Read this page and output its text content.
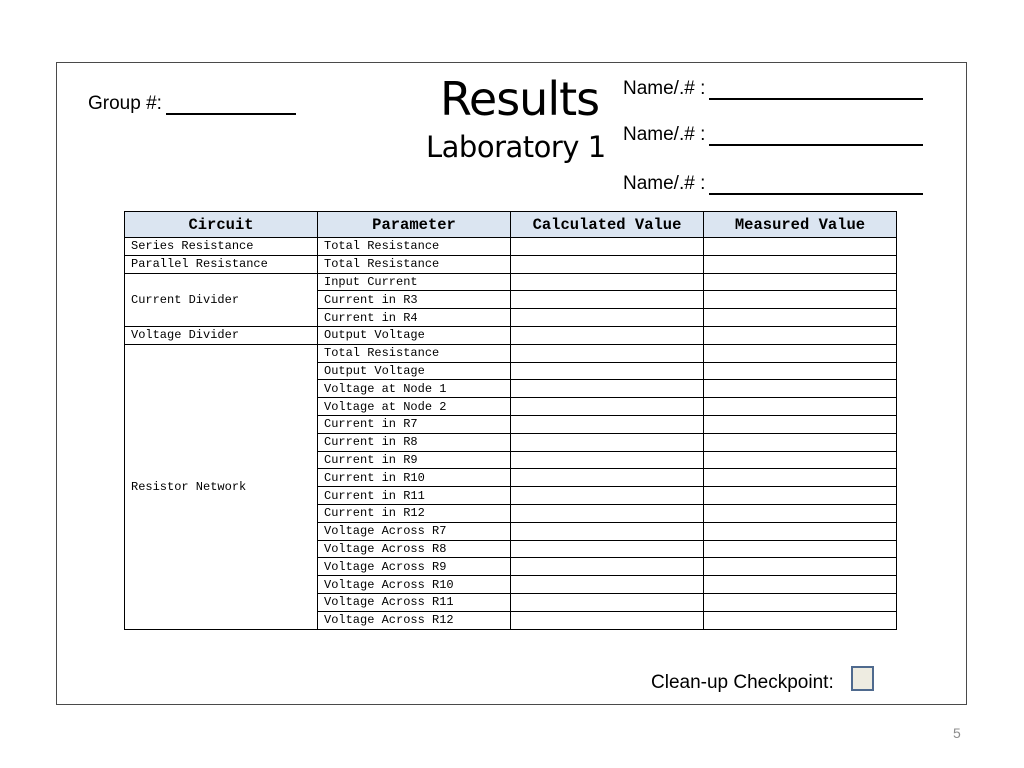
Group #:	Results
Laboratory 1
Name/.# :
Name/.# :
Name/.# :
Circuit	Parameter	Calculated Value	Measured Value
Series Resistance	Total Resistance		
Parallel Resistance	Total Resistance		
Current Divider	Input Current		
	Current in R3		
	Current in R4		
Voltage Divider	Output Voltage		
Resistor Network	Total Resistance		
	Output Voltage		
	Voltage at Node 1		
	Voltage at Node 2		
	Current in R7		
	Current in R8		
	Current in R9		
	Current in R10		
	Current in R11		
	Current in R12		
	Voltage Across R7		
	Voltage Across R8		
	Voltage Across R9		
	Voltage Across R10		
	Voltage Across R11		
	Voltage Across R12		
Clean-up Checkpoint:
5
